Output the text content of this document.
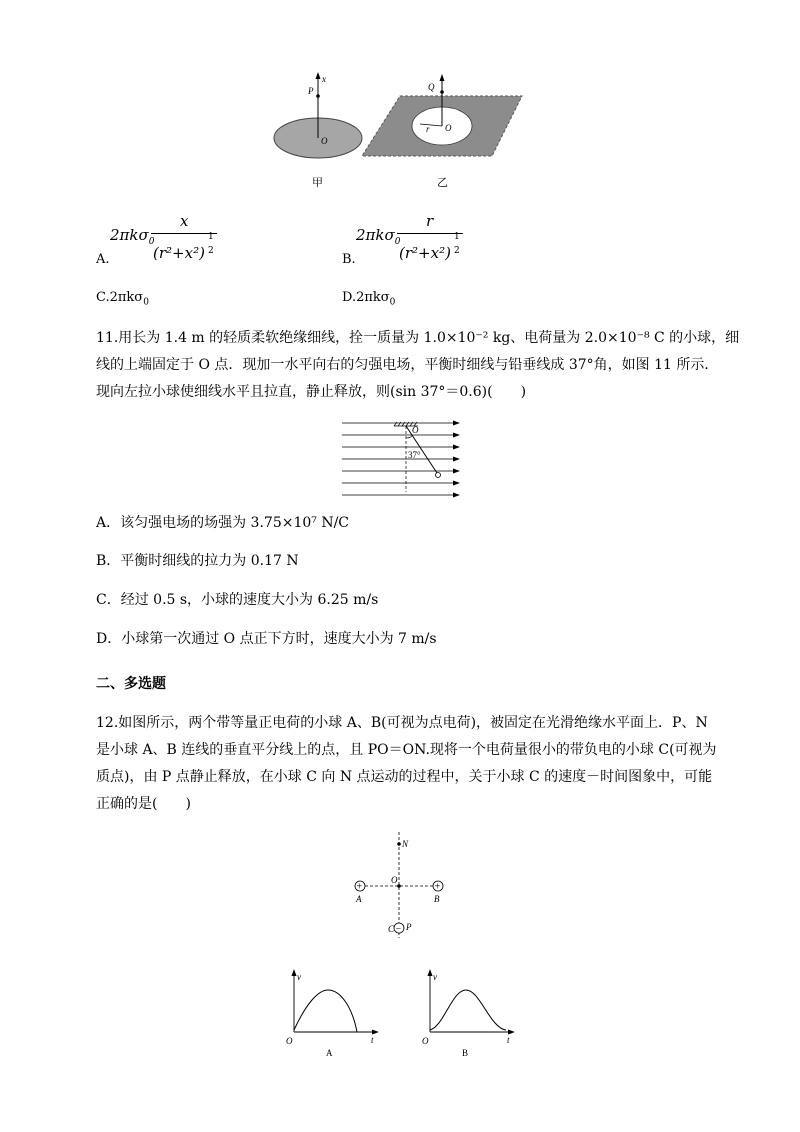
x
P
O
甲
Q
r O
乙
2πkσ$_0$
x
(r²+x²)
1
2
A.
2πkσ$_0$
r
(r²+x²)
1
2
B.
C.2πkσ$_0$	D.2πkσ$_0$
11.用长为 1.4 m 的轻质柔软绝缘细线，拴一质量为 1.0×10⁻² kg、电荷量为 2.0×10⁻⁸ C 的小球，细
线的上端固定于 O 点．现加一水平向右的匀强电场，平衡时细线与铅垂线成 37°角，如图 11 所示．
现向左拉小球使细线水平且拉直，静止释放，则(sin 37°＝0.6)(　　)
O
37°
A．该匀强电场的场强为 3.75×10⁷ N/C
B．平衡时细线的拉力为 0.17 N
C．经过 0.5 s，小球的速度大小为 6.25 m/s
D．小球第一次通过 O 点正下方时，速度大小为 7 m/s
二、多选题
12.如图所示，两个带等量正电荷的小球 A、B(可视为点电荷)，被固定在光滑绝缘水平面上．P、N
是小球 A、B 连线的垂直平分线上的点，且 PO＝ON.现将一个电荷量很小的带负电的小球 C(可视为
质点)，由 P 点静止释放，在小球 C 向 N 点运动的过程中，关于小球 C 的速度－时间图象中，可能
正确的是(　　)
+	+
−
N
O
A	B
C P
v
O	t
A
v
O	t
B
